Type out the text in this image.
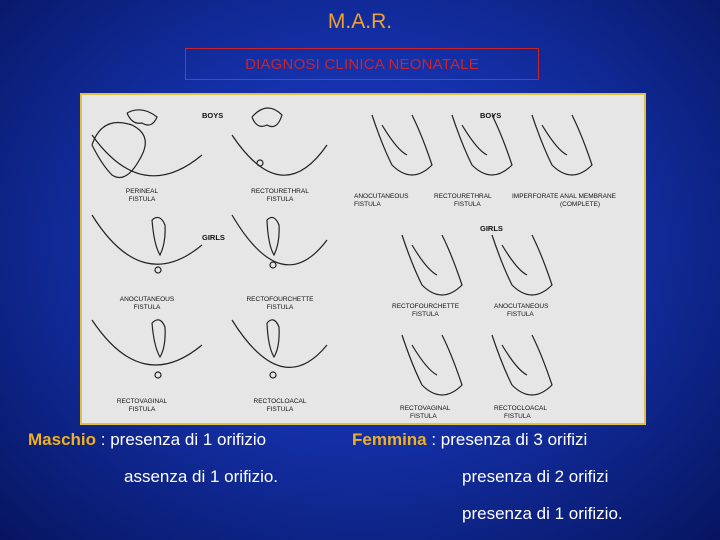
M.A.R.
DIAGNOSI CLINICA NEONATALE
BOYS
GIRLS
PERINEAL
FISTULA
RECTOURETHRAL
FISTULA
ANOCUTANEOUS
FISTULA
RECTOFOURCHETTE
FISTULA
RECTOVAGINAL
FISTULA
RECTOCLOACAL
FISTULA
BOYS
GIRLS
ANOCUTANEOUS
FISTULA
RECTOURETHRAL
FISTULA
IMPERFORATE ANAL MEMBRANE
(COMPLETE)
RECTOFOURCHETTE
FISTULA
ANOCUTANEOUS
FISTULA
RECTOVAGINAL
FISTULA
RECTOCLOACAL
FISTULA
Maschio : presenza di 1 orifizio
assenza di 1 orifizio.
Femmina : presenza di 3 orifizi
presenza di 2 orifizi
presenza di 1 orifizio.
